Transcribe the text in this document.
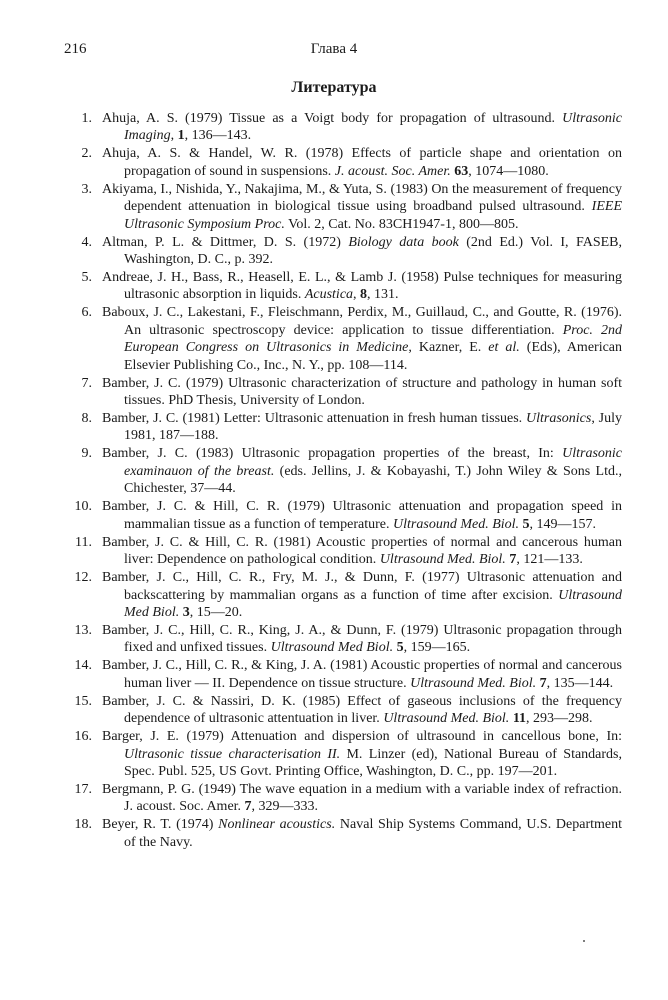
216	Глава 4
Литература
1. Ahuja, A. S. (1979) Tissue as a Voigt body for propagation of ultrasound. Ultrasonic Imaging, 1, 136—143.
2. Ahuja, A. S. & Handel, W. R. (1978) Effects of particle shape and orientation on propagation of sound in suspensions. J. acoust. Soc. Amer. 63, 1074—1080.
3. Akiyama, I., Nishida, Y., Nakajima, M., & Yuta, S. (1983) On the measurement of frequency dependent attenuation in biological tissue using broadband pulsed ultrasound. IEEE Ultrasonic Symposium Proc. Vol. 2, Cat. No. 83CH1947-1, 800—805.
4. Altman, P. L. & Dittmer, D. S. (1972) Biology data book (2nd Ed.) Vol. I, FASEB, Washington, D. C., p. 392.
5. Andreae, J. H., Bass, R., Heasell, E. L., & Lamb J. (1958) Pulse techniques for measuring ultrasonic absorption in liquids. Acustica, 8, 131.
6. Baboux, J. C., Lakestani, F., Fleischmann, Perdix, M., Guillaud, C., and Goutte, R. (1976). An ultrasonic spectroscopy device: application to tissue differentiation. Proc. 2nd European Congress on Ultrasonics in Medicine, Kazner, E. et al. (Eds), American Elsevier Publishing Co., Inc., N. Y., pp. 108—114.
7. Bamber, J. C. (1979) Ultrasonic characterization of structure and pathology in human soft tissues. PhD Thesis, University of London.
8. Bamber, J. C. (1981) Letter: Ultrasonic attenuation in fresh human tissues. Ultrasonics, July 1981, 187—188.
9. Bamber, J. C. (1983) Ultrasonic propagation properties of the breast, In: Ultrasonic examinauon of the breast. (eds. Jellins, J. & Kobayashi, T.) John Wiley & Sons Ltd., Chichester, 37—44.
10. Bamber, J. C. & Hill, C. R. (1979) Ultrasonic attenuation and propagation speed in mammalian tissue as a function of temperature. Ultrasound Med. Biol. 5, 149—157.
11. Bamber, J. C. & Hill, C. R. (1981) Acoustic properties of normal and cancerous human liver: Dependence on pathological condition. Ultrasound Med. Biol. 7, 121—133.
12. Bamber, J. C., Hill, C. R., Fry, M. J., & Dunn, F. (1977) Ultrasonic attenuation and backscattering by mammalian organs as a function of time after excision. Ultrasound Med Biol. 3, 15—20.
13. Bamber, J. C., Hill, C. R., King, J. A., & Dunn, F. (1979) Ultrasonic propagation through fixed and unfixed tissues. Ultrasound Med Biol. 5, 159—165.
14. Bamber, J. C., Hill, C. R., & King, J. A. (1981) Acoustic properties of normal and cancerous human liver — II. Dependence on tissue structure. Ultrasound Med. Biol. 7, 135—144.
15. Bamber, J. C. & Nassiri, D. K. (1985) Effect of gaseous inclusions of the frequency dependence of ultrasonic attentuation in liver. Ultrasound Med. Biol. 11, 293—298.
16. Barger, J. E. (1979) Attenuation and dispersion of ultrasound in cancellous bone, In: Ultrasonic tissue characterisation II. M. Linzer (ed), National Bureau of Standards, Spec. Publ. 525, US Govt. Printing Office, Washington, D. C., pp. 197—201.
17. Bergmann, P. G. (1949) The wave equation in a medium with a variable index of refraction. J. acoust. Soc. Amer. 7, 329—333.
18. Beyer, R. T. (1974) Nonlinear acoustics. Naval Ship Systems Command, U.S. Department of the Navy.
